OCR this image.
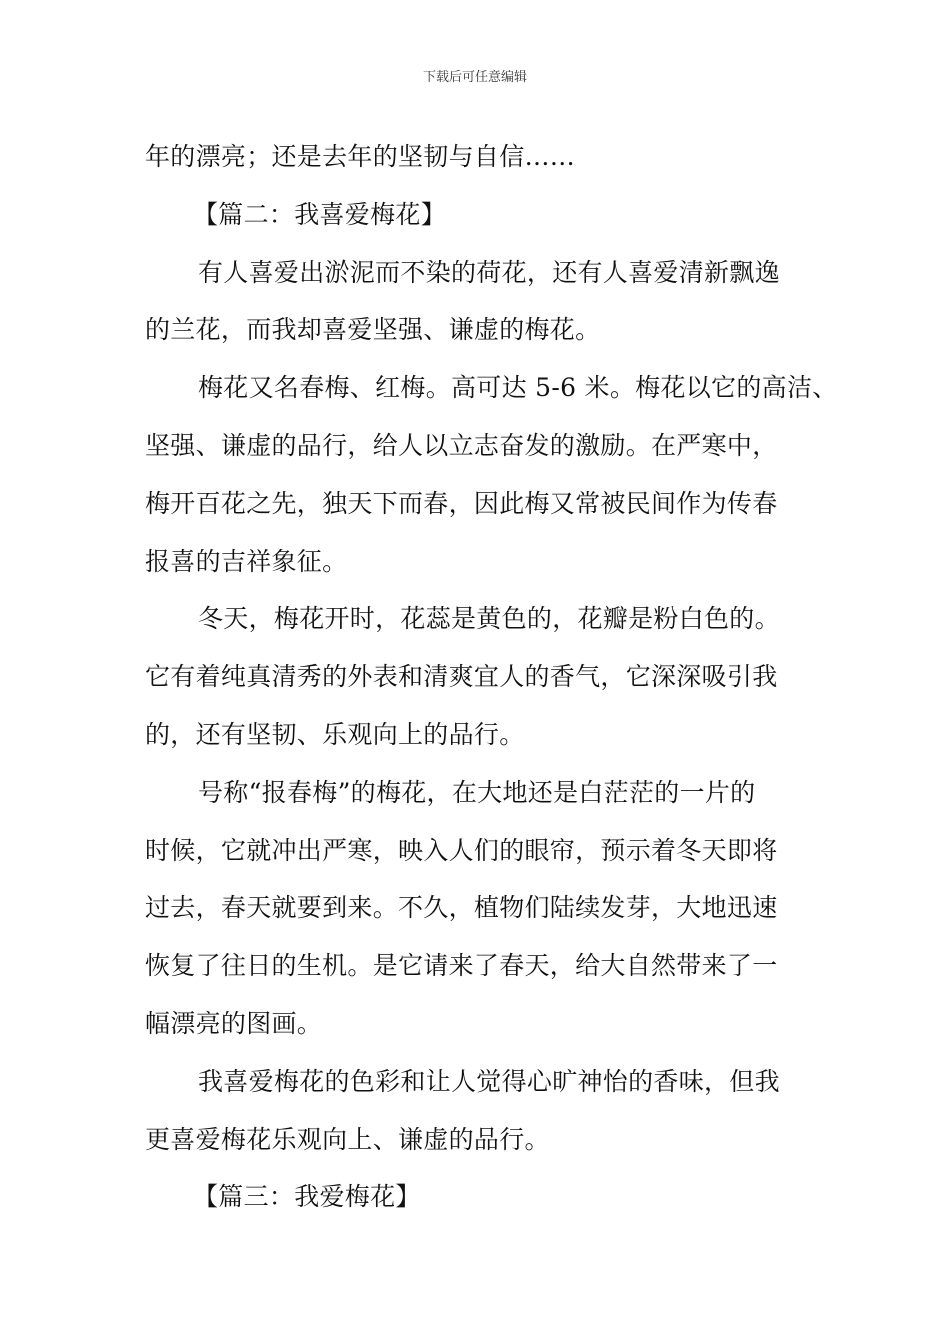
下载后可任意编辑
年的漂亮；还是去年的坚韧与自信……
【篇二：我喜爱梅花】
有人喜爱出淤泥而不染的荷花，还有人喜爱清新飘逸
的兰花，而我却喜爱坚强、谦虚的梅花。
梅花又名春梅、红梅。高可达 5-6 米。梅花以它的高洁、
坚强、谦虚的品行，给人以立志奋发的激励。在严寒中，
梅开百花之先，独天下而春，因此梅又常被民间作为传春
报喜的吉祥象征。
冬天，梅花开时，花蕊是黄色的，花瓣是粉白色的。
它有着纯真清秀的外表和清爽宜人的香气，它深深吸引我
的，还有坚韧、乐观向上的品行。
号称“报春梅”的梅花，在大地还是白茫茫的一片的
时候，它就冲出严寒，映入人们的眼帘，预示着冬天即将
过去，春天就要到来。不久，植物们陆续发芽，大地迅速
恢复了往日的生机。是它请来了春天，给大自然带来了一
幅漂亮的图画。
我喜爱梅花的色彩和让人觉得心旷神怡的香味，但我
更喜爱梅花乐观向上、谦虚的品行。
【篇三：我爱梅花】
